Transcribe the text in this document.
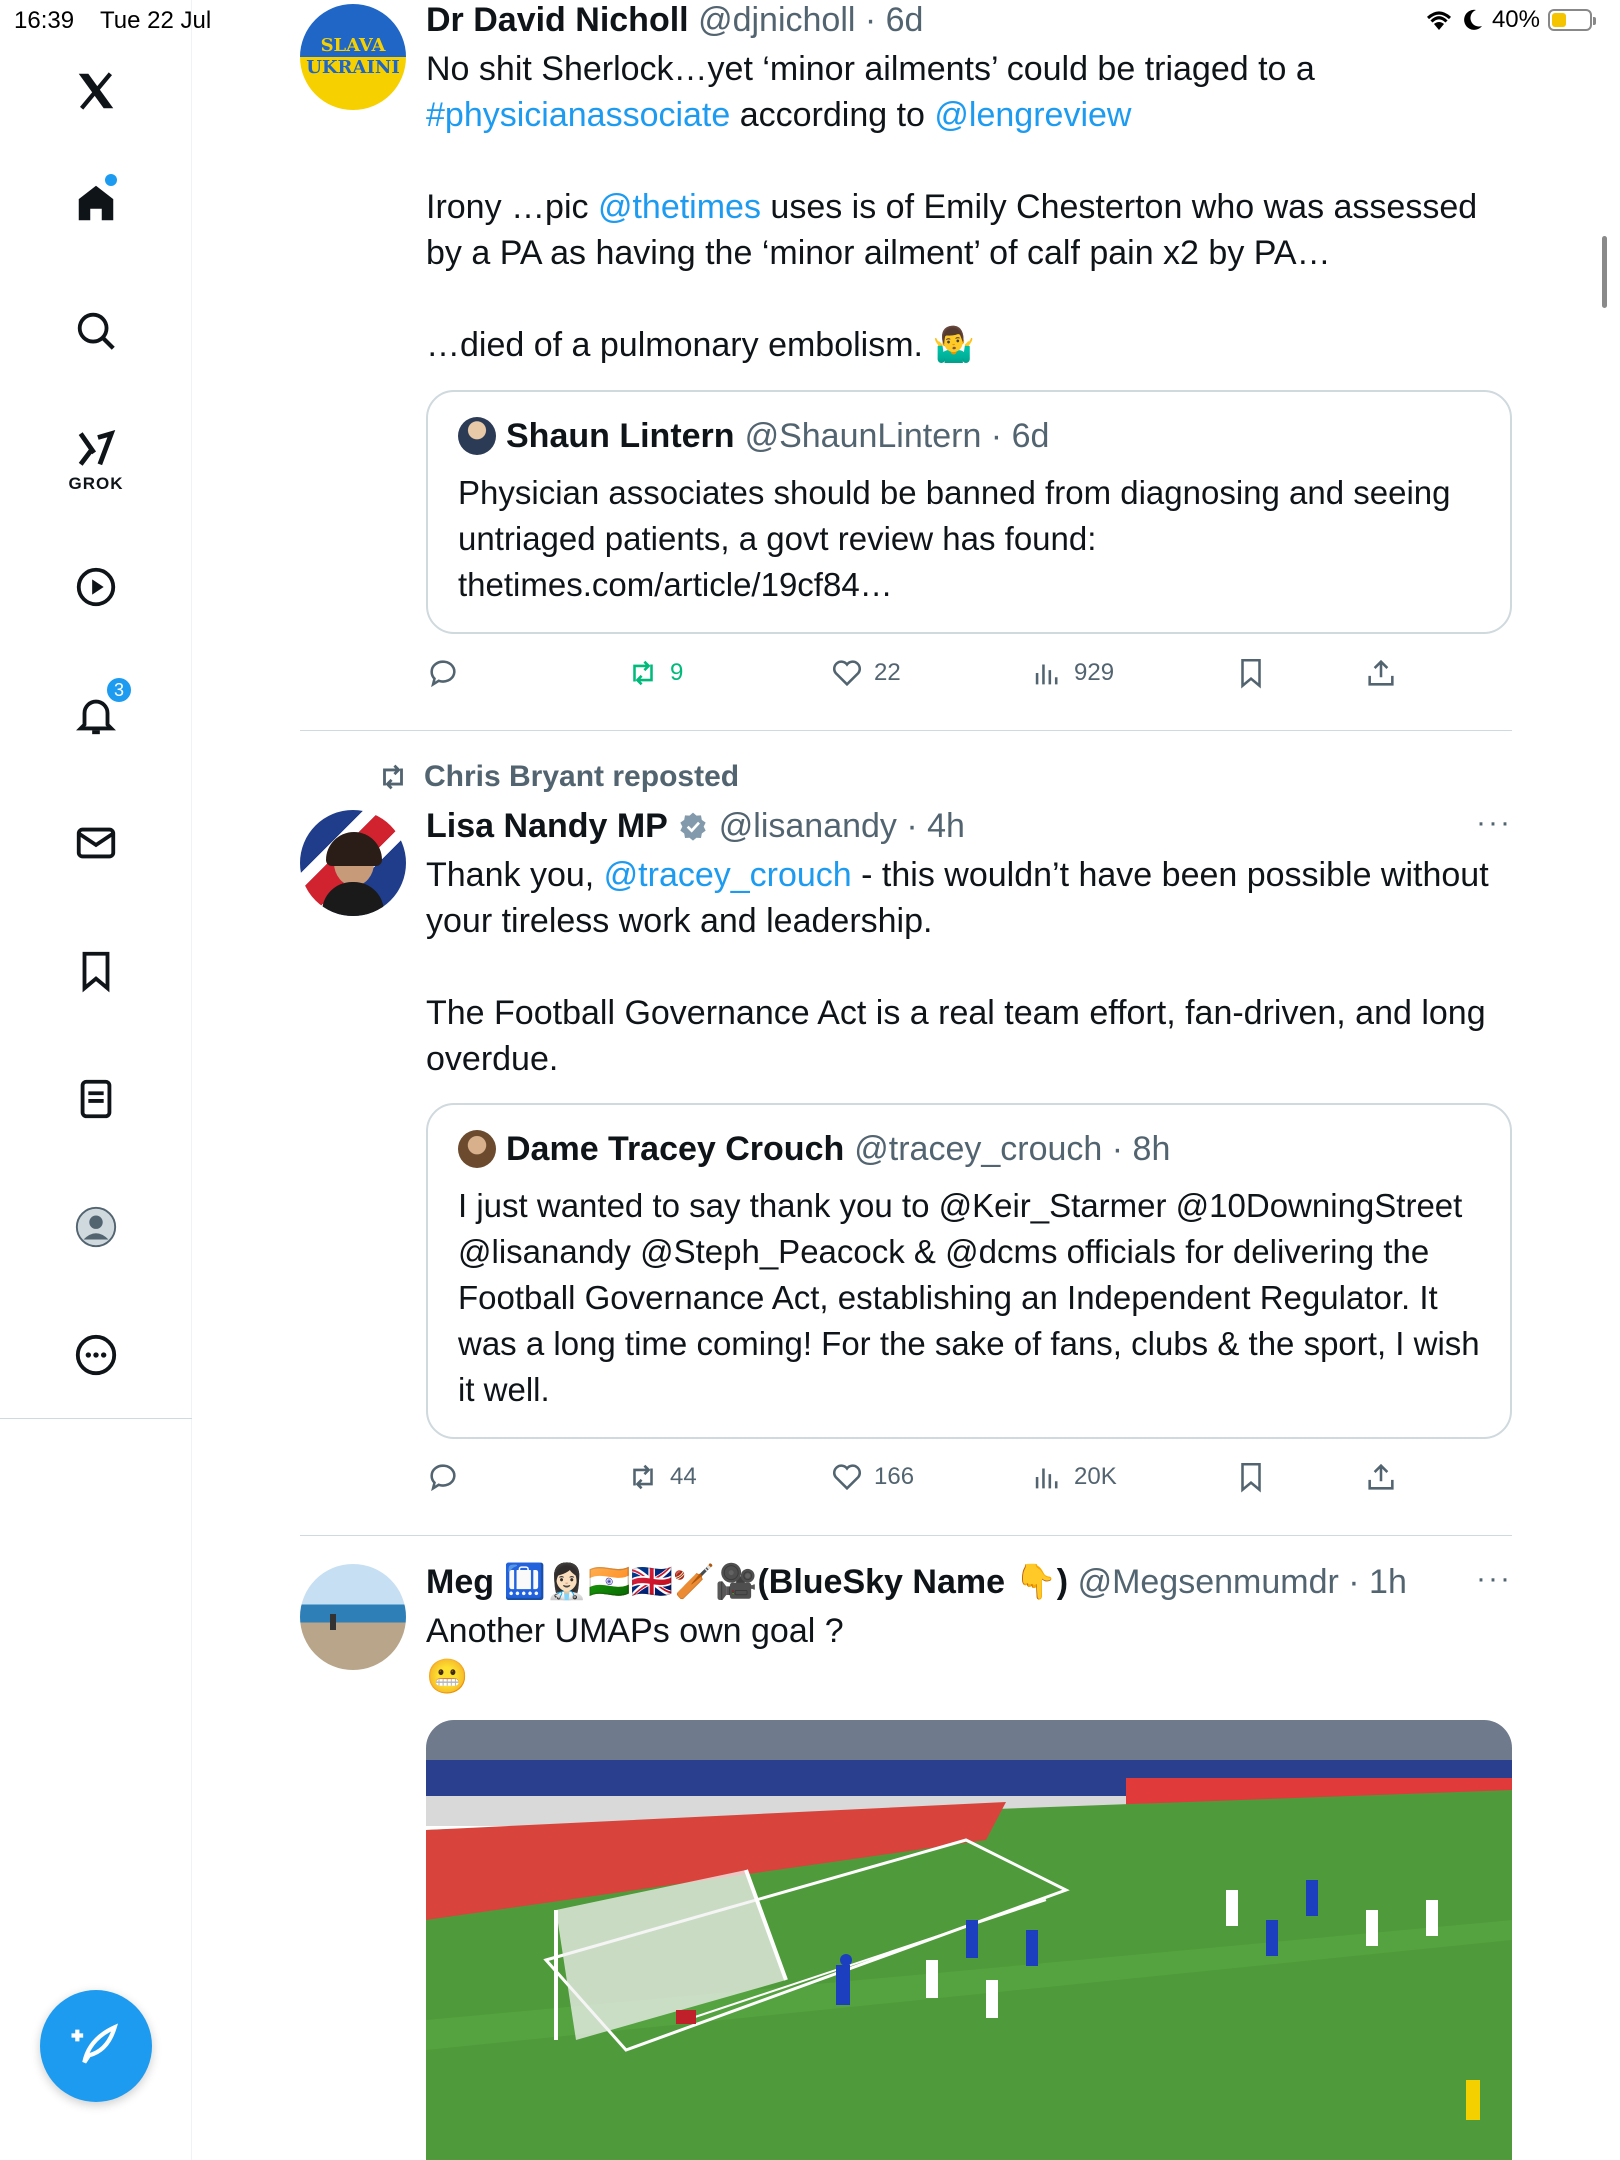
16:39 Tue 22 Jul	40%
GROK
3
SLAVA
UKRAINI
Dr David Nicholl @djnicholl · 6d

No shit Sherlock…yet ‘minor ailments’ could be triaged to a #physicianassociate according to @lengreview

Irony …pic @thetimes uses is of Emily Chesterton who was assessed by a PA as having the ‘minor ailment’ of calf pain x2 by PA…

…died of a pulmonary embolism. 🤷‍♂️

Shaun Lintern @ShaunLintern · 6d
Physician associates should be banned from diagnosing and seeing untriaged patients, a govt review has found: thetimes.com/article/19cf84…
9	22	929
Chris Bryant reposted
Lisa Nandy MP @lisanandy · 4h

Thank you, @tracey_crouch - this wouldn’t have been possible without your tireless work and leadership.

The Football Governance Act is a real team effort, fan-driven, and long overdue.

···
Dame Tracey Crouch @tracey_crouch · 8h
I just wanted to say thank you to @Keir_Starmer @10DowningStreet @lisanandy @Steph_Peacock & @dcms officials for delivering the Football Governance Act, establishing an Independent Regulator. It was a long time coming! For the sake of fans, clubs & the sport, I wish it well.
44	166	20K
Meg 🛄👩🏻‍⚕️🇮🇳🇬🇧🏏🎥(BlueSky Name 👇) @Megsenmumdr · 1h

Another UMAPs own goal ?

😬

···
